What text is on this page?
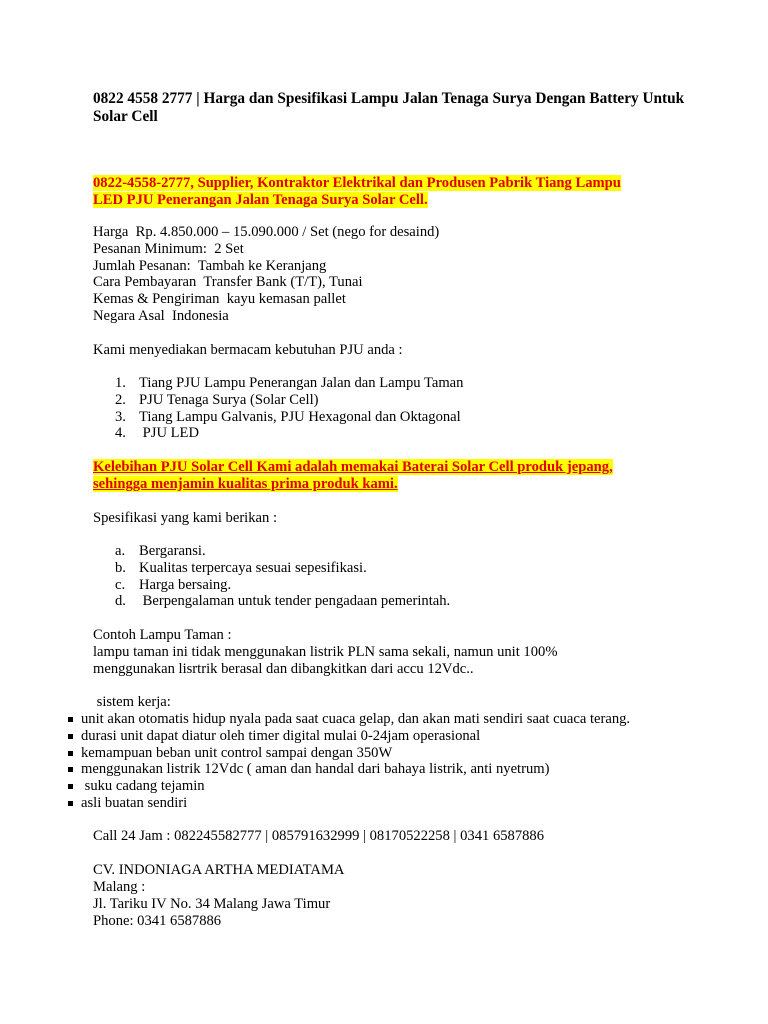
0822 4558 2777 | Harga dan Spesifikasi Lampu Jalan Tenaga Surya Dengan Battery Untuk Solar Cell
0822-4558-2777, Supplier, Kontraktor Elektrikal dan Produsen Pabrik Tiang Lampu
LED PJU Penerangan Jalan Tenaga Surya Solar Cell.
Harga  Rp. 4.850.000 – 15.090.000 / Set (nego for desaind)
Pesanan Minimum:  2 Set
Jumlah Pesanan:  Tambah ke Keranjang
Cara Pembayaran  Transfer Bank (T/T), Tunai
Kemas & Pengiriman  kayu kemasan pallet
Negara Asal  Indonesia
Kami menyediakan bermacam kebutuhan PJU anda :
1. Tiang PJU Lampu Penerangan Jalan dan Lampu Taman
2. PJU Tenaga Surya (Solar Cell)
3. Tiang Lampu Galvanis, PJU Hexagonal dan Oktagonal
4. PJU LED
Kelebihan PJU Solar Cell Kami adalah memakai Baterai Solar Cell produk jepang,
sehingga menjamin kualitas prima produk kami.
Spesifikasi yang kami berikan :
a. Bergaransi.
b. Kualitas terpercaya sesuai sepesifikasi.
c. Harga bersaing.
d. Berpengalaman untuk tender pengadaan pemerintah.
Contoh Lampu Taman :
lampu taman ini tidak menggunakan listrik PLN sama sekali, namun unit 100%
menggunakan lisrtrik berasal dan dibangkitkan dari accu 12Vdc..
sistem kerja:
unit akan otomatis hidup nyala pada saat cuaca gelap, dan akan mati sendiri saat cuaca terang.
durasi unit dapat diatur oleh timer digital mulai 0-24jam operasional
kemampuan beban unit control sampai dengan 350W
menggunakan listrik 12Vdc ( aman dan handal dari bahaya listrik, anti nyetrum)
suku cadang tejamin
asli buatan sendiri
Call 24 Jam : 082245582777 | 085791632999 | 08170522258 | 0341 6587886
CV. INDONIAGA ARTHA MEDIATAMA
Malang :
Jl. Tariku IV No. 34 Malang Jawa Timur
Phone: 0341 6587886
